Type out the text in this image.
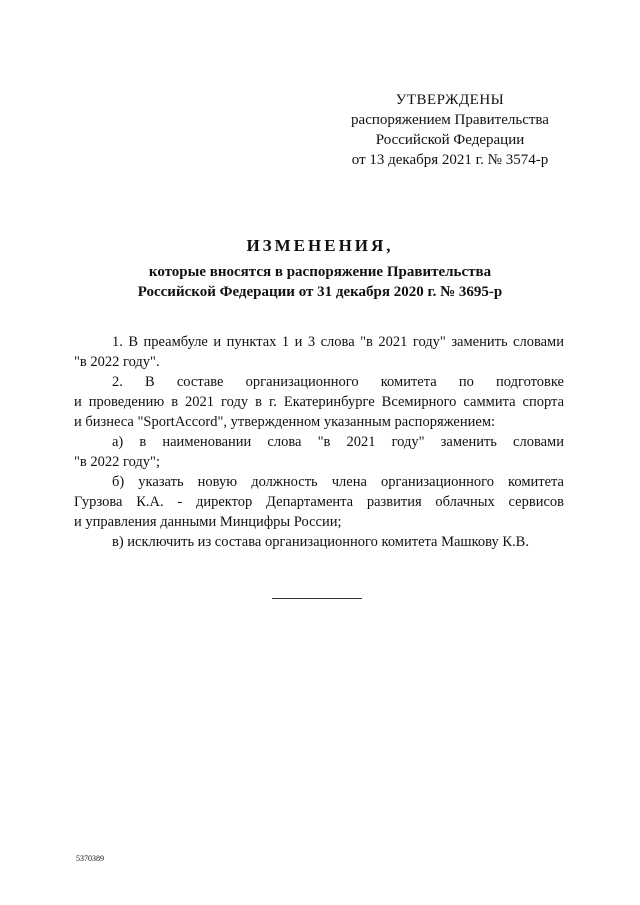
УТВЕРЖДЕНЫ
распоряжением Правительства
Российской Федерации
от 13 декабря 2021 г. № 3574-р
ИЗМЕНЕНИЯ,
которые вносятся в распоряжение Правительства
Российской Федерации от 31 декабря 2020 г. № 3695-р

1. В преамбуле и пунктах 1 и 3 слова "в 2021 году" заменить словами
"в 2022 году".

2. В составе организационного комитета по подготовке
и проведению в 2021 году в г. Екатеринбурге Всемирного саммита спорта
и бизнеса "SportAccord", утвержденном указанным распоряжением:

а) в наименовании слова "в 2021 году" заменить словами
"в 2022 году";

б) указать новую должность члена организационного комитета
Гурзова К.А. - директор Департамента развития облачных сервисов
и управления данными Минцифры России;

в) исключить из состава организационного комитета Машкову К.В.

5370389
